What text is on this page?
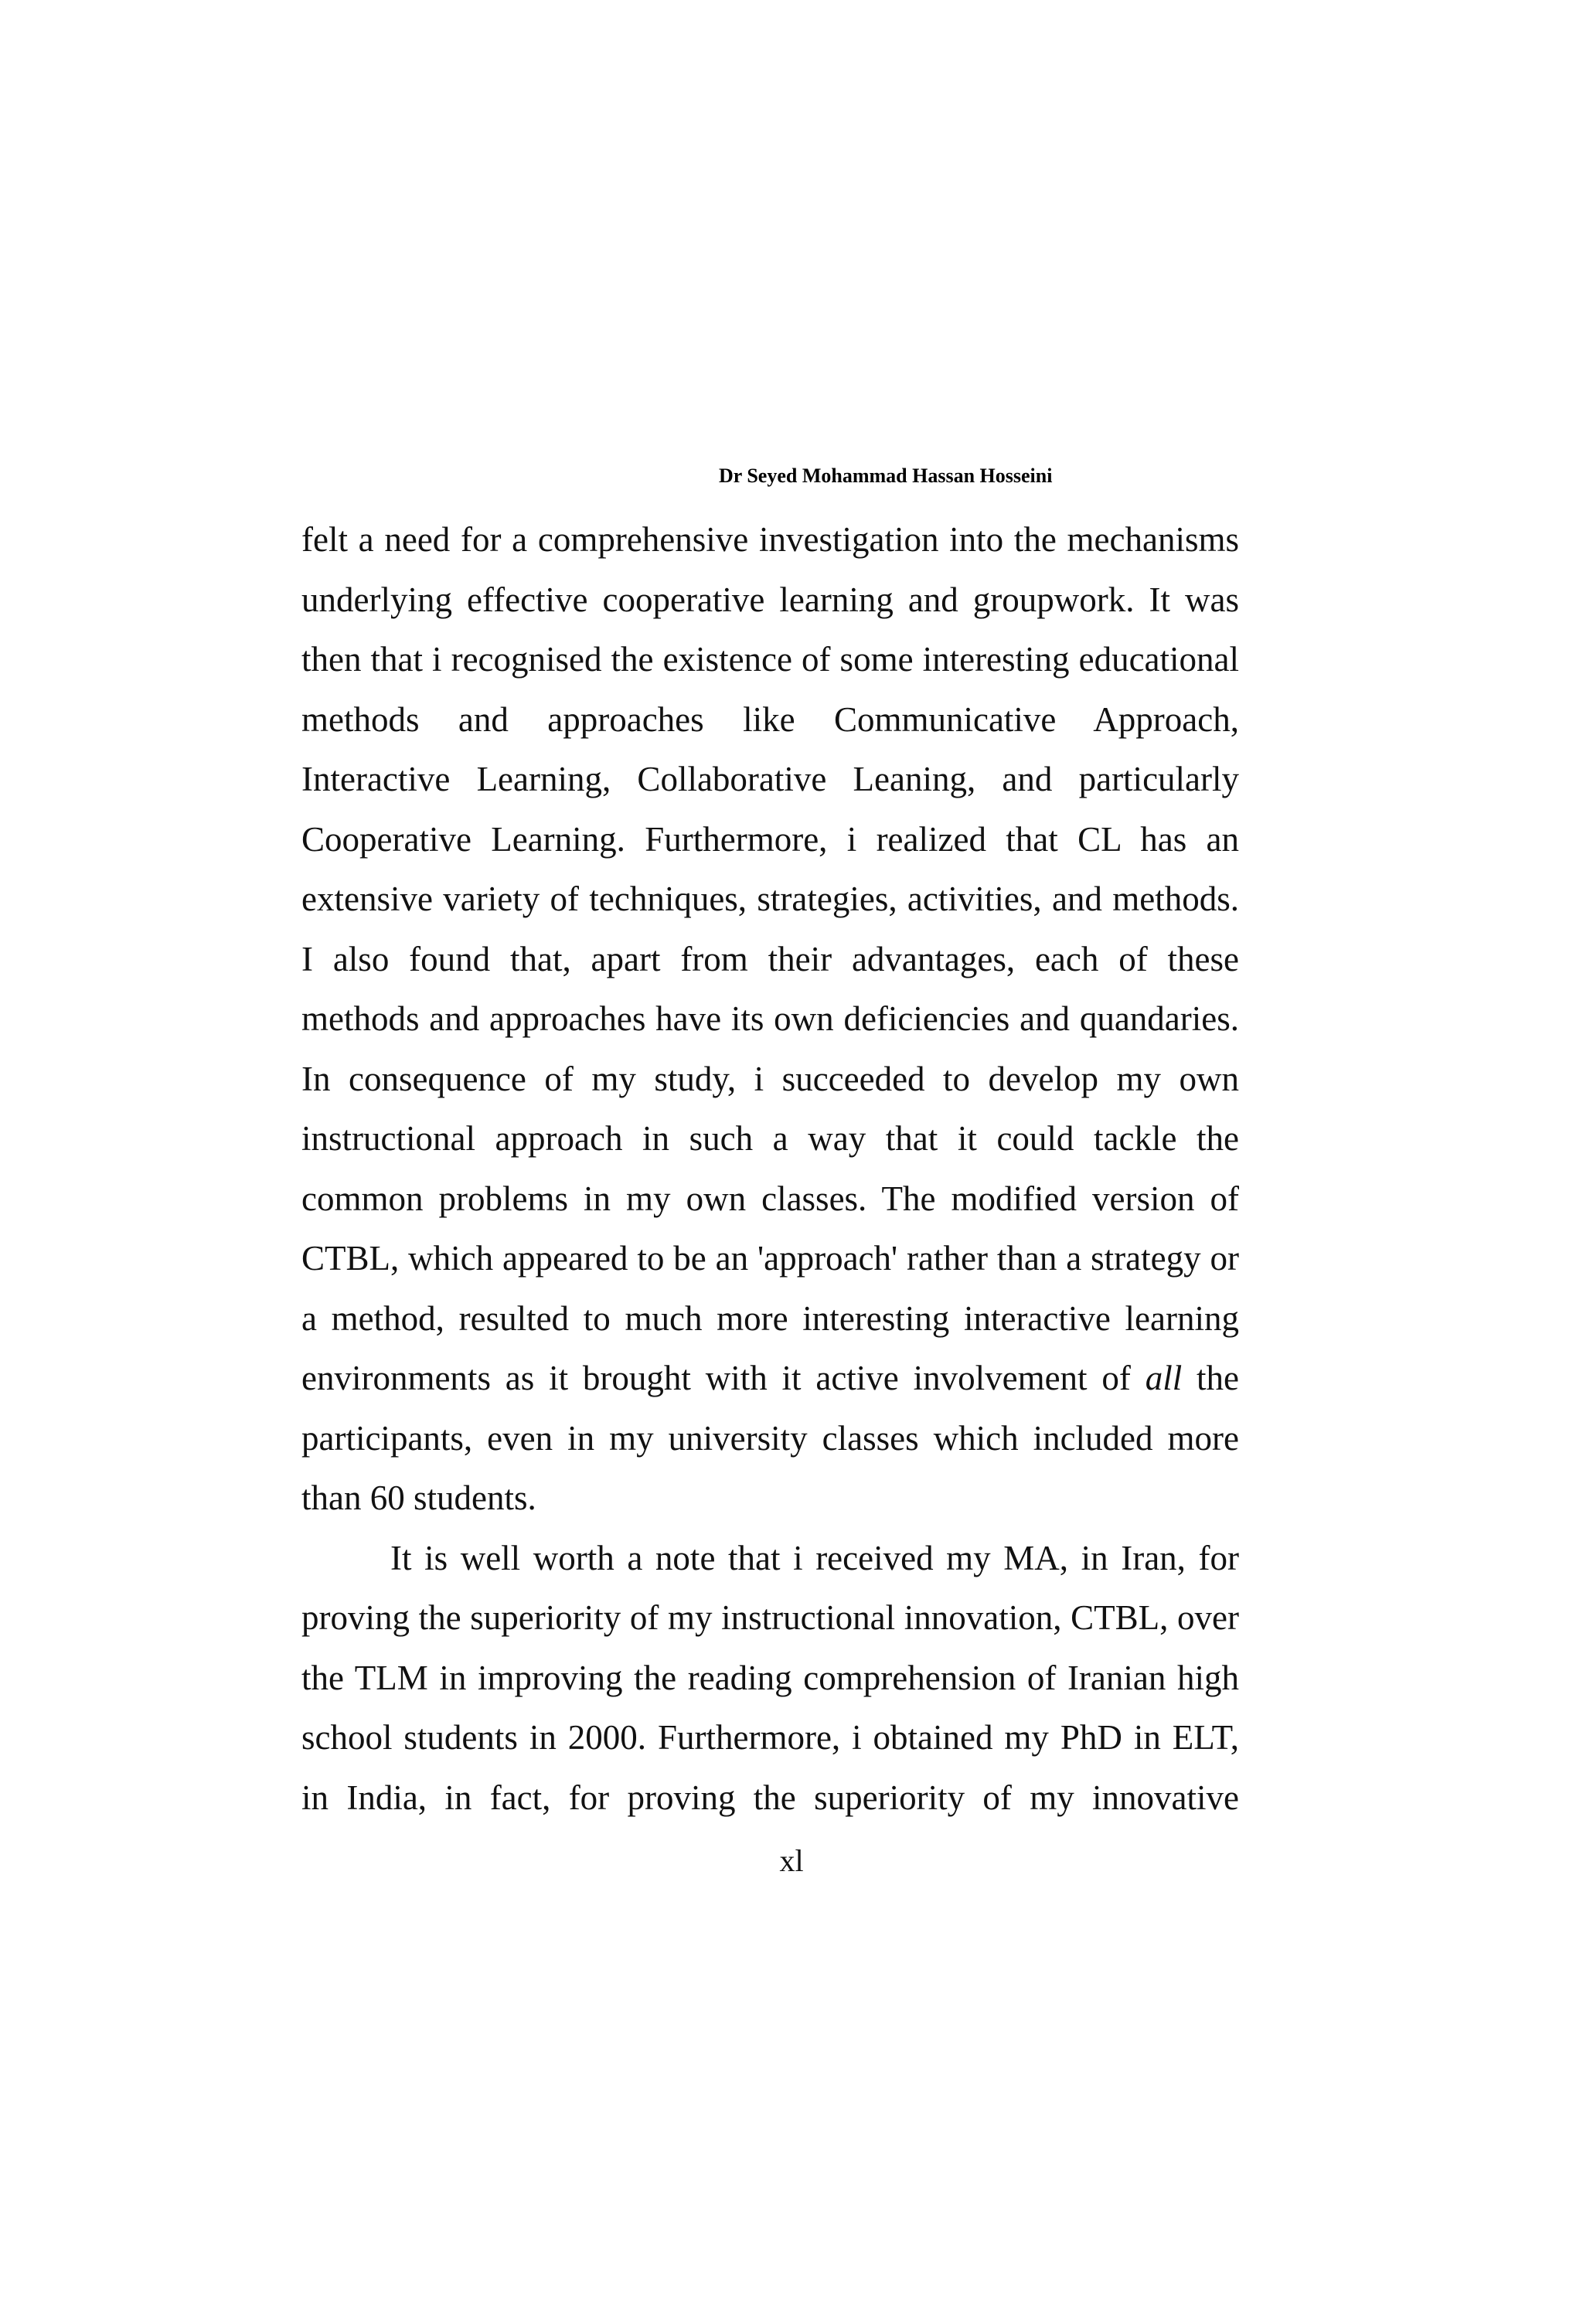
Dr Seyed Mohammad Hassan Hosseini
felt a need for a comprehensive investigation into the mechanisms
underlying effective cooperative learning and groupwork. It was
then that i recognised the existence of some interesting educational
methods and approaches like Communicative Approach,
Interactive Learning, Collaborative Leaning, and particularly
Cooperative Learning. Furthermore, i realized that CL has an
extensive variety of techniques, strategies, activities, and methods.
I also found that, apart from their advantages, each of these
methods and approaches have its own deficiencies and quandaries.
In consequence of my study, i succeeded to develop my own
instructional approach in such a way that it could tackle the
common problems in my own classes. The modified version of
CTBL, which appeared to be an 'approach' rather than a strategy or
a method, resulted to much more interesting interactive learning
environments as it brought with it active involvement of all the
participants, even in my university classes which included more
than 60 students.
It is well worth a note that i received my MA, in Iran, for
proving the superiority of my instructional innovation, CTBL, over
the TLM in improving the reading comprehension of Iranian high
school students in 2000. Furthermore, i obtained my PhD in ELT,
in India, in fact, for proving the superiority of my innovative
xl
